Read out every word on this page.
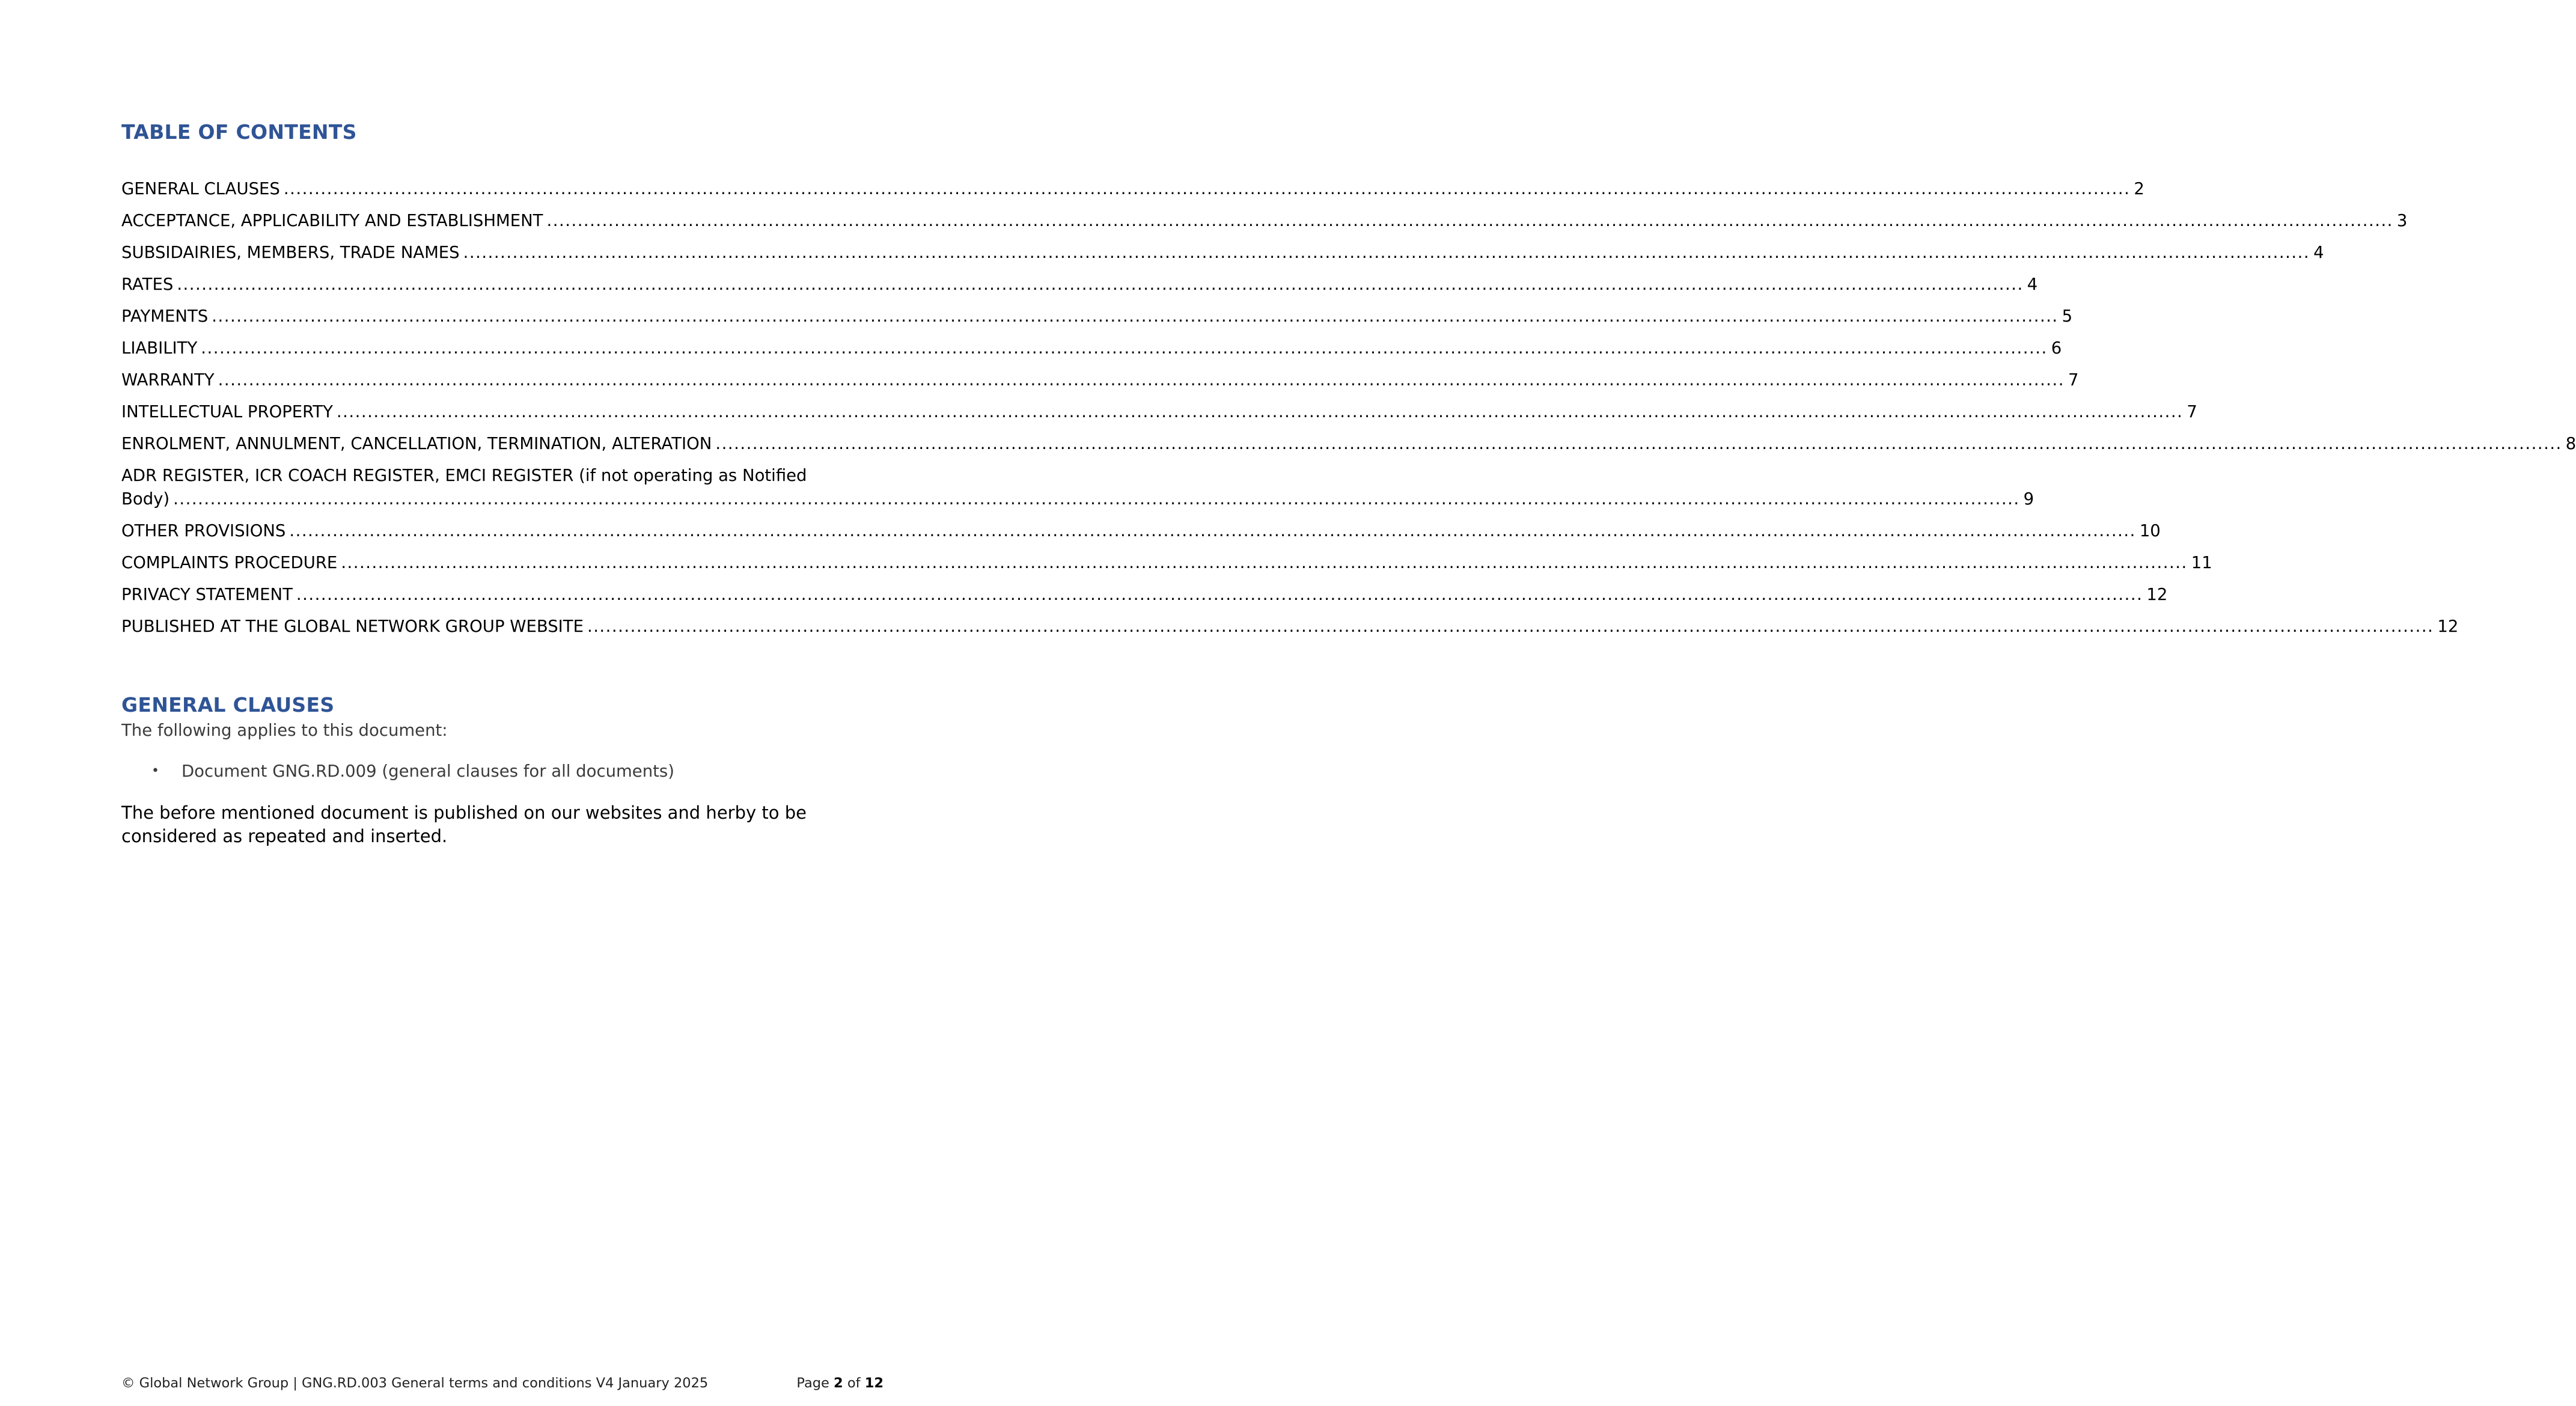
TABLE OF CONTENTS
GENERAL CLAUSES ............................................................................................................................................................................................................................................................................................................ 2
ACCEPTANCE, APPLICABILITY AND ESTABLISHMENT ............................................................................................................................................................................................................................................................................................................ 3
SUBSIDAIRIES, MEMBERS, TRADE NAMES ............................................................................................................................................................................................................................................................................................................ 4
RATES ............................................................................................................................................................................................................................................................................................................ 4
PAYMENTS ............................................................................................................................................................................................................................................................................................................ 5
LIABILITY ............................................................................................................................................................................................................................................................................................................ 6
WARRANTY ............................................................................................................................................................................................................................................................................................................ 7
INTELLECTUAL PROPERTY ............................................................................................................................................................................................................................................................................................................ 7
ENROLMENT, ANNULMENT, CANCELLATION, TERMINATION, ALTERATION ............................................................................................................................................................................................................................................................................................................ 8
ADR REGISTER, ICR COACH REGISTER, EMCI REGISTER (if not operating as Notified
Body) ............................................................................................................................................................................................................................................................................................................ 9
OTHER PROVISIONS ............................................................................................................................................................................................................................................................................................................ 10
COMPLAINTS PROCEDURE ............................................................................................................................................................................................................................................................................................................ 11
PRIVACY STATEMENT ............................................................................................................................................................................................................................................................................................................ 12
PUBLISHED AT THE GLOBAL NETWORK GROUP WEBSITE ............................................................................................................................................................................................................................................................................................................ 12
GENERAL CLAUSES
The following applies to this document:
• Document GNG.RD.009 (general clauses for all documents)
The before mentioned document is published on our websites and herby to be considered as repeated and inserted.
© Global Network Group | GNG.RD.003 General terms and conditions V4 January 2025	Page 2 of 12
